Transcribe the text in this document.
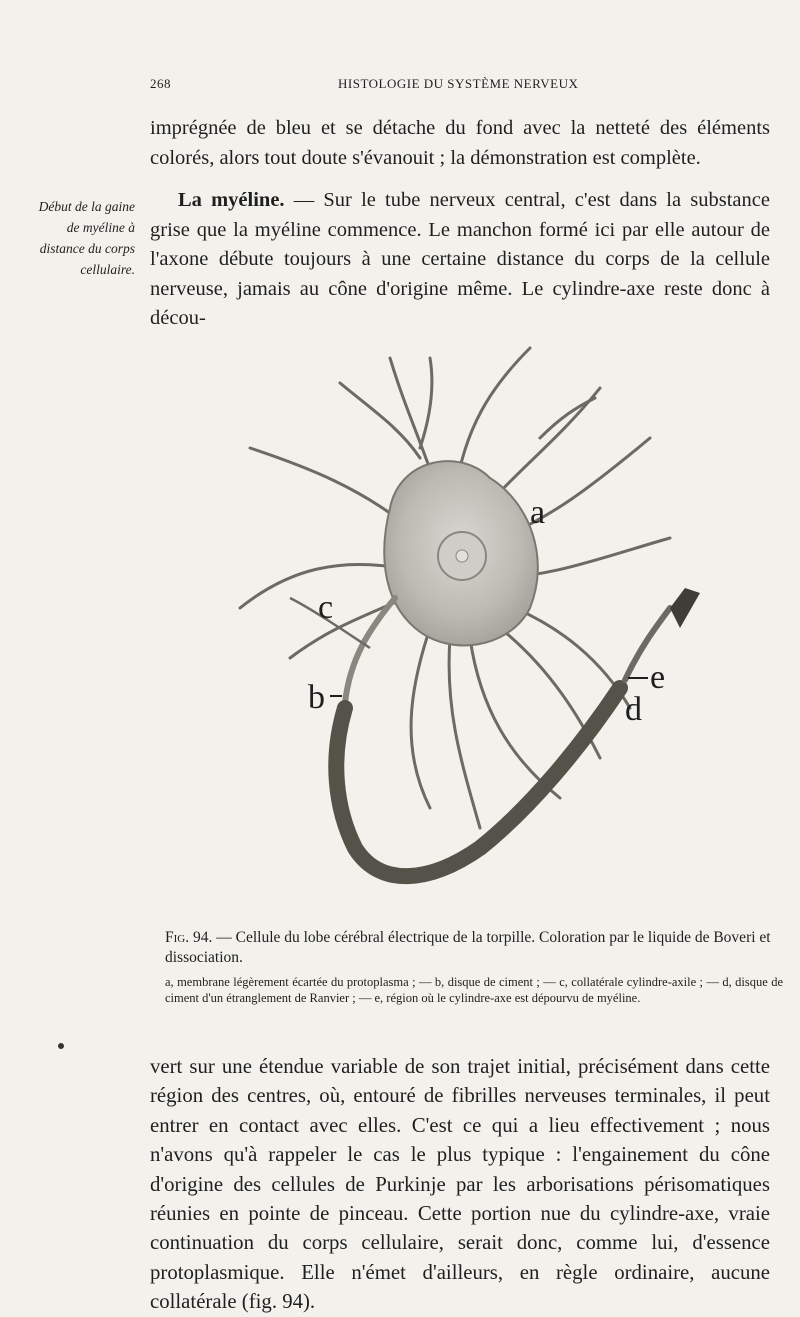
268	HISTOLOGIE DU SYSTÈME NERVEUX

imprégnée de bleu et se détache du fond avec la netteté des éléments colorés, alors tout doute s'évanouit ; la démonstration est complète.

Début de la gaine de myéline à distance du corps cellulaire.

La myéline. — Sur le tube nerveux central, c'est dans la substance grise que la myéline commence. Le manchon formé ici par elle autour de l'axone débute toujours à une certaine distance du corps de la cellule nerveuse, jamais au cône d'origine même. Le cylindre-axe reste donc à décou-

a
b
c
d
e
Fig. 94. — Cellule du lobe cérébral électrique de la torpille. Coloration par le liquide de Boveri et dissociation.
a, membrane légèrement écartée du protoplasma ; — b, disque de ciment ; — c, collatérale cylindre-axile ; — d, disque de ciment d'un étranglement de Ranvier ; — e, région où le cylindre-axe est dépourvu de myéline.

vert sur une étendue variable de son trajet initial, précisément dans cette région des centres, où, entouré de fibrilles nerveuses terminales, il peut entrer en contact avec elles. C'est ce qui a lieu effectivement ; nous n'avons qu'à rappeler le cas le plus typique : l'engainement du cône d'origine des cellules de Purkinje par les arborisations périsomatiques réunies en pointe de pinceau. Cette portion nue du cylindre-axe, vraie continuation du corps cellulaire, serait donc, comme lui, d'essence protoplasmique. Elle n'émet d'ailleurs, en règle ordinaire, aucune collatérale (fig. 94).
